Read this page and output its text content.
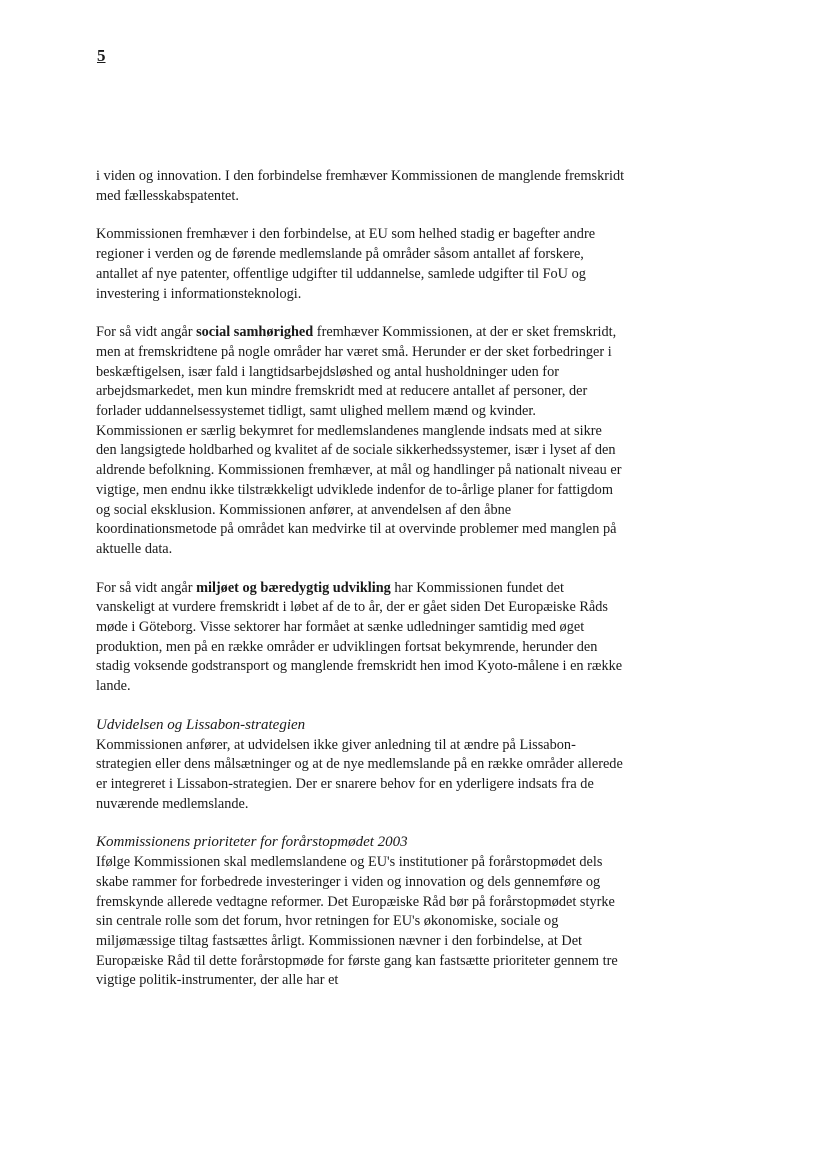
5

i viden og innovation. I den forbindelse fremhæver Kommissionen de manglende fremskridt med fællesskabspatentet.

Kommissionen fremhæver i den forbindelse, at EU som helhed stadig er bagefter andre regioner i verden og de førende medlemslande på områder såsom antallet af forskere, antallet af nye patenter, offentlige udgifter til uddannelse, samlede udgifter til FoU og investering i informationsteknologi.

For så vidt angår social samhørighed fremhæver Kommissionen, at der er sket fremskridt, men at fremskridtene på nogle områder har været små. Herunder er der sket forbedringer i beskæftigelsen, især fald i langtidsarbejdsløshed og antal husholdninger uden for arbejdsmarkedet, men kun mindre fremskridt med at reducere antallet af personer, der forlader uddannelsessystemet tidligt, samt ulighed mellem mænd og kvinder. Kommissionen er særlig bekymret for medlemslandenes manglende indsats med at sikre den langsigtede holdbarhed og kvalitet af de sociale sikkerhedssystemer, især i lyset af den aldrende befolkning. Kommissionen fremhæver, at mål og handlinger på nationalt niveau er vigtige, men endnu ikke tilstrækkeligt udviklede indenfor de to-årlige planer for fattigdom og social eksklusion. Kommissionen anfører, at anvendelsen af den åbne koordinationsmetode på området kan medvirke til at overvinde problemer med manglen på aktuelle data.

For så vidt angår miljøet og bæredygtig udvikling har Kommissionen fundet det vanskeligt at vurdere fremskridt i løbet af de to år, der er gået siden Det Europæiske Råds møde i Göteborg. Visse sektorer har formået at sænke udledninger samtidig med øget produktion, men på en række områder er udviklingen fortsat bekymrende, herunder den stadig voksende godstransport og manglende fremskridt hen imod Kyoto-målene i en række lande.

Udvidelsen og Lissabon-strategien

Kommissionen anfører, at udvidelsen ikke giver anledning til at ændre på Lissabon-strategien eller dens målsætninger og at de nye medlemslande på en række områder allerede er integreret i Lissabon-strategien. Der er snarere behov for en yderligere indsats fra de nuværende medlemslande.

Kommissionens prioriteter for forårstopmødet 2003

Ifølge Kommissionen skal medlemslandene og EU's institutioner på forårstopmødet dels skabe rammer for forbedrede investeringer i viden og innovation og dels gennemføre og fremskynde allerede vedtagne reformer. Det Europæiske Råd bør på forårstopmødet styrke sin centrale rolle som det forum, hvor retningen for EU's økonomiske, sociale og miljømæssige tiltag fastsættes årligt. Kommissionen nævner i den forbindelse, at Det Europæiske Råd til dette forårstopmøde for første gang kan fastsætte prioriteter gennem tre vigtige politik-instrumenter, der alle har et
